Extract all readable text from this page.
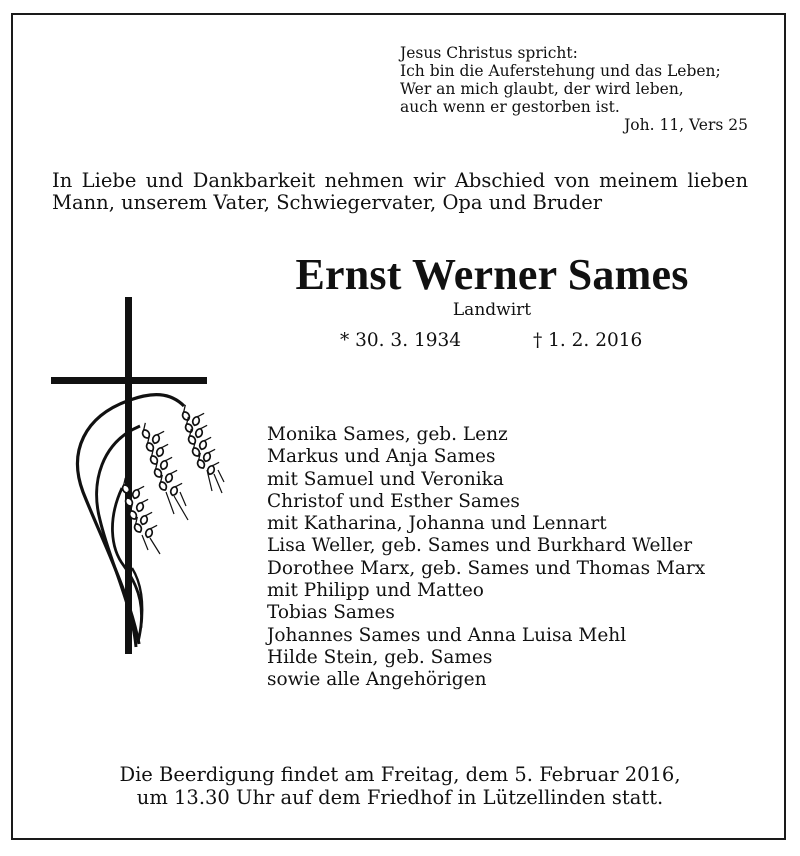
Jesus Christus spricht:
Ich bin die Auferstehung und das Leben;
Wer an mich glaubt, der wird leben,
auch wenn er gestorben ist.
Joh. 11, Vers 25
In Liebe und Dankbarkeit nehmen wir Abschied von meinem lieben Mann, unserem Vater, Schwiegervater, Opa und Bruder
Ernst Werner Sames
Landwirt
* 30. 3. 1934	† 1. 2. 2016
Monika Sames, geb. Lenz
Markus und Anja Sames
mit Samuel und Veronika
Christof und Esther Sames
mit Katharina, Johanna und Lennart
Lisa Weller, geb. Sames und Burkhard Weller
Dorothee Marx, geb. Sames und Thomas Marx
mit Philipp und Matteo
Tobias Sames
Johannes Sames und Anna Luisa Mehl
Hilde Stein, geb. Sames
sowie alle Angehörigen
Die Beerdigung findet am Freitag, dem 5. Februar 2016,
um 13.30 Uhr auf dem Friedhof in Lützellinden statt.
